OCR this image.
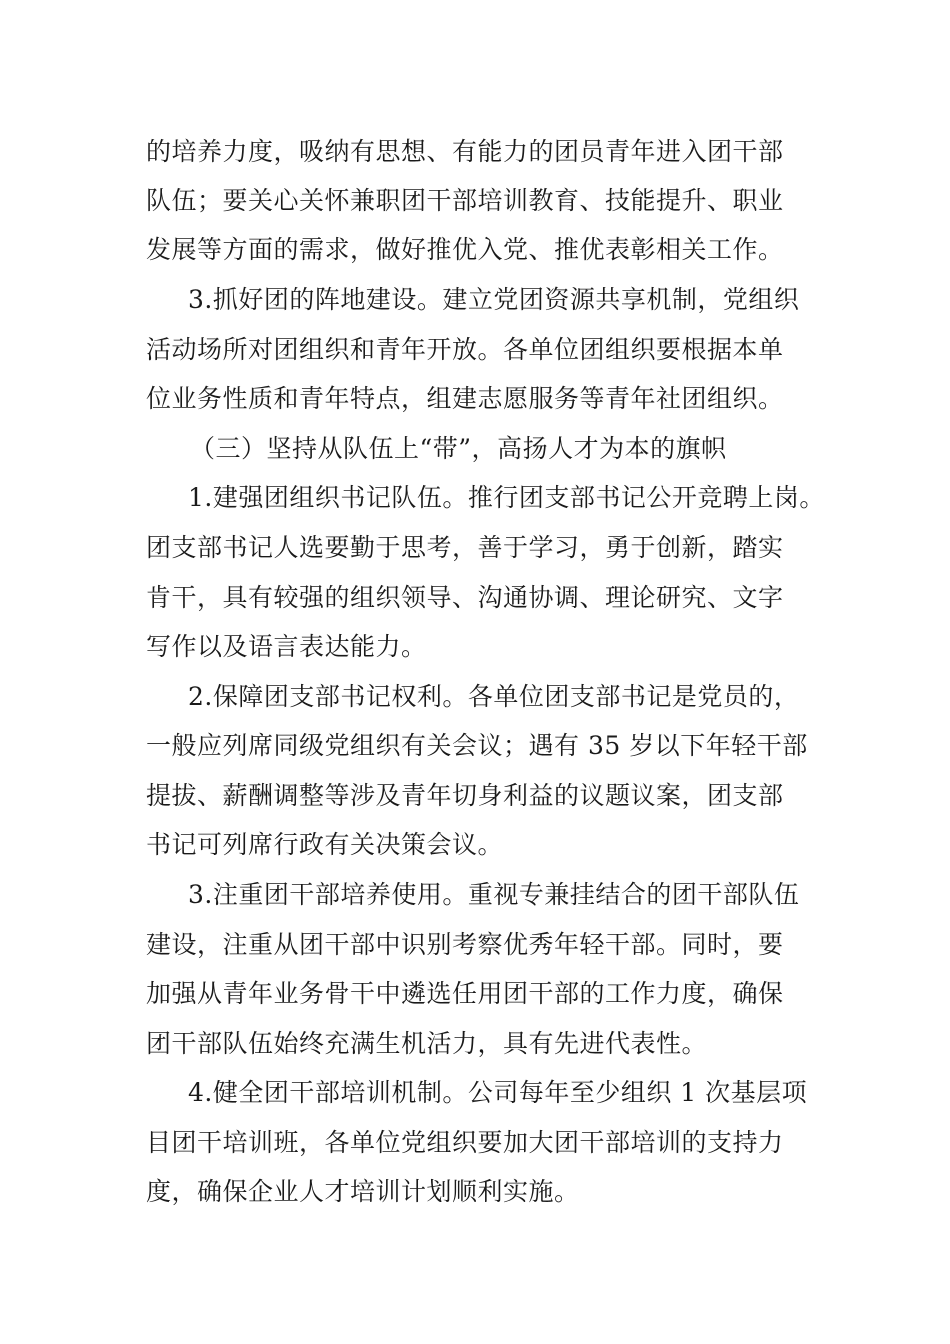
的培养力度，吸纳有思想、有能力的团员青年进入团干部
队伍；要关心关怀兼职团干部培训教育、技能提升、职业
发展等方面的需求，做好推优入党、推优表彰相关工作。
3.抓好团的阵地建设。建立党团资源共享机制，党组织
活动场所对团组织和青年开放。各单位团组织要根据本单
位业务性质和青年特点，组建志愿服务等青年社团组织。
（三）坚持从队伍上“带”，高扬人才为本的旗帜
1.建强团组织书记队伍。推行团支部书记公开竞聘上岗。
团支部书记人选要勤于思考，善于学习，勇于创新，踏实
肯干，具有较强的组织领导、沟通协调、理论研究、文字
写作以及语言表达能力。
2.保障团支部书记权利。各单位团支部书记是党员的，
一般应列席同级党组织有关会议；遇有 35 岁以下年轻干部
提拔、薪酬调整等涉及青年切身利益的议题议案，团支部
书记可列席行政有关决策会议。
3.注重团干部培养使用。重视专兼挂结合的团干部队伍
建设，注重从团干部中识别考察优秀年轻干部。同时，要
加强从青年业务骨干中遴选任用团干部的工作力度，确保
团干部队伍始终充满生机活力，具有先进代表性。
4.健全团干部培训机制。公司每年至少组织 1 次基层项
目团干培训班，各单位党组织要加大团干部培训的支持力
度，确保企业人才培训计划顺利实施。
